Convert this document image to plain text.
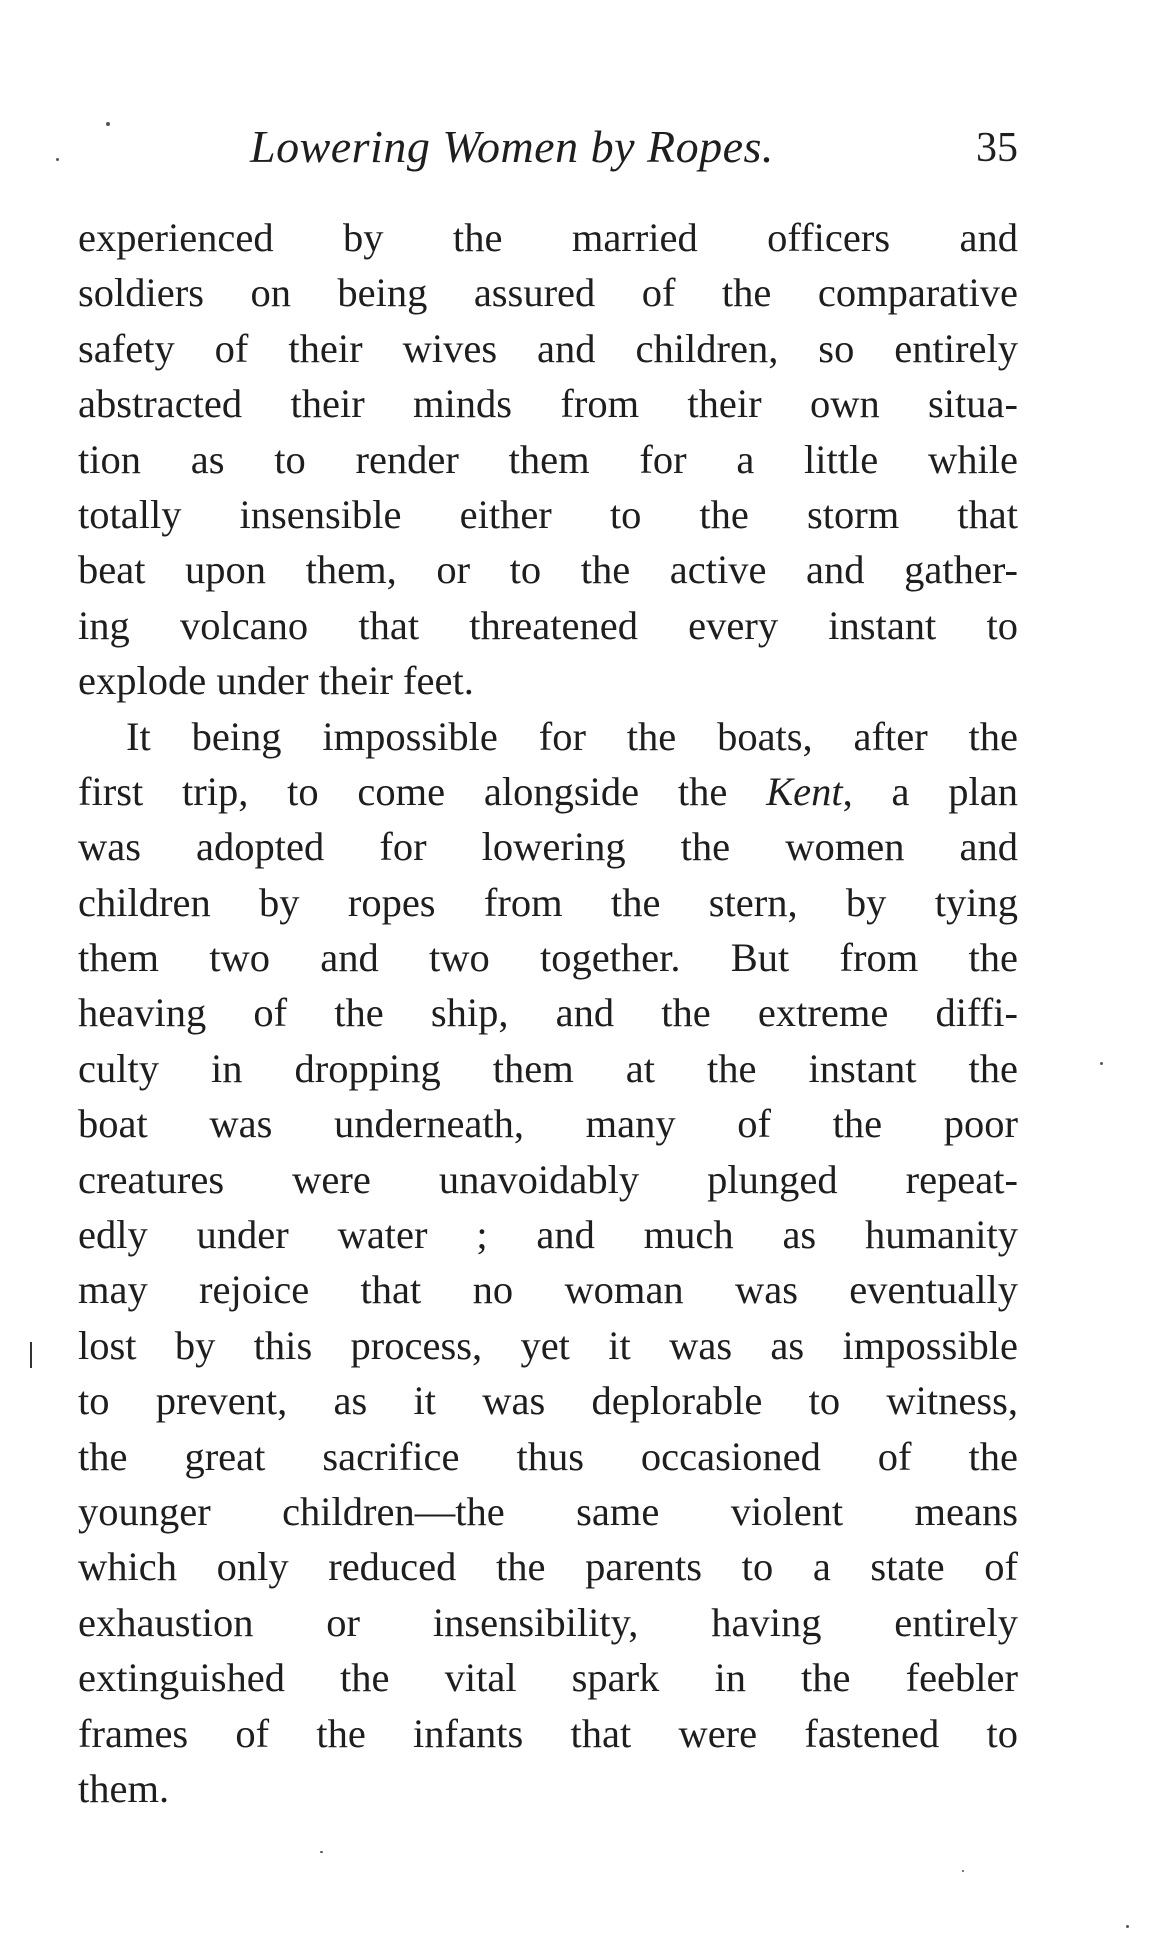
Lowering Women by Ropes.	35

experienced by the married officers and
soldiers on being assured of the comparative
safety of their wives and children, so entirely
abstracted their minds from their own situa-
tion as to render them for a little while
totally insensible either to the storm that
beat upon them, or to the active and gather-
ing volcano that threatened every instant to
explode under their feet.

It being impossible for the boats, after the
first trip, to come alongside the Kent, a plan
was adopted for lowering the women and
children by ropes from the stern, by tying
them two and two together. But from the
heaving of the ship, and the extreme diffi-
culty in dropping them at the instant the
boat was underneath, many of the poor
creatures were unavoidably plunged repeat-
edly under water ; and much as humanity
may rejoice that no woman was eventually
lost by this process, yet it was as impossible
to prevent, as it was deplorable to witness,
the great sacrifice thus occasioned of the
younger children—the same violent means
which only reduced the parents to a state of
exhaustion or insensibility, having entirely
extinguished the vital spark in the feebler
frames of the infants that were fastened to
them.
